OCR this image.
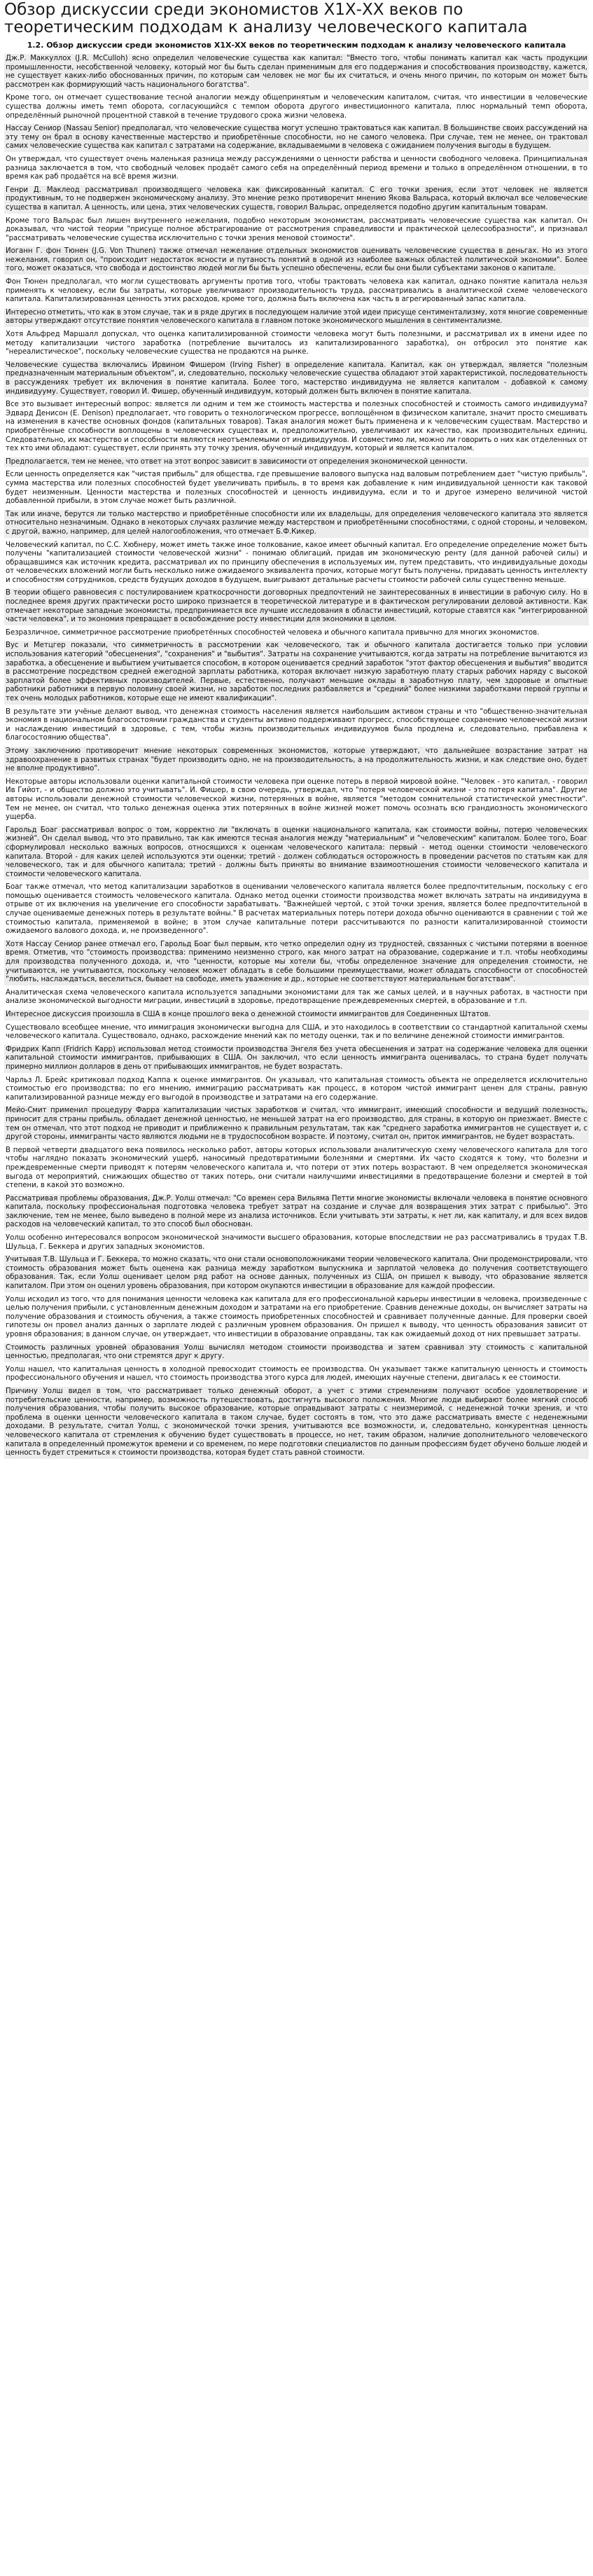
Обзор дискуссии среди экономистов Х1Х-ХХ веков по теоретическим подходам к анализу человеческого капитала
1.2. Обзор дискуссии среди экономистов Х1Х-ХХ веков по теоретическим подходам к анализу человеческого капитала

Дж.Р. Маккуллох (J.R. McCulloh) ясно определил человеческие существа как капитал: "Вместо того, чтобы понимать капитал как часть продукции промышленности, несобственной человеку, который мог бы быть сделан применимым для его поддержания и способствования производству, кажется, не существует каких-либо обоснованных причин, по которым сам человек не мог бы их считаться, и очень много причин, по которым он может быть рассмотрен как формирующий часть национального богатства".

Кроме того, он отмечает существование тесной аналогии между общепринятым и человеческим капиталом, считая, что инвестиции в человеческие существа должны иметь темп оборота, согласующийся с темпом оборота другого инвестиционного капитала, плюс нормальный темп оборота, определённый рыночной процентной ставкой в течение трудового срока жизни человека.

Нассау Сениор (Nassau Senior) предполагал, что человеческие существа могут успешно трактоваться как капитал. В большинстве своих рассуждений на эту тему он брал в основу качественные мастерство и приобретённые способности, но не самого человека. При случае, тем не менее, он трактовал самих человеческие существа как капитал с затратами на содержание, вкладываемыми в человека с ожиданием получения выгоды в будущем.

Он утверждал, что существует очень маленькая разница между рассуждениями о ценности рабства и ценности свободного человека. Принципиальная разница заключается в том, что свободный человек продаёт самого себя на определённый период времени и только в определённом отношении, в то время как раб продаётся на всё время жизни.

Генри Д. Маклеод рассматривал производящего человека как фиксированный капитал. С его точки зрения, если этот человек не является продуктивным, то не подвержен экономическому анализу. Это мнение резко противоречит мнению Якова Вальраса, который включал все человеческие существа в капитал. А ценность, или цена, этих человеческих существ, говорил Вальрас, определяется подобно другим капитальным товарам.

Кроме того Вальрас был лишен внутреннего нежелания, подобно некоторым экономистам, рассматривать человеческие существа как капитал. Он доказывал, что чистой теории "присуще полное абстрагирование от рассмотрения справедливости и практической целесообразности", и признавал "рассматривать человеческие существа исключительно с точки зрения меновой стоимости".

Иоганн Г. фон Тюнен (J.G. Von Thunen) также отмечал нежелание отдельных экономистов оценивать человеческие существа в деньгах. Но из этого нежелания, говорил он, "происходит недостаток ясности и путаность понятий в одной из наиболее важных областей политической экономии". Более того, может оказаться, что свобода и достоинство людей могли бы быть успешно обеспечены, если бы они были субъектами законов о капитале.

Фон Тюнен предполагал, что могли существовать аргументы против того, чтобы трактовать человека как капитал, однако понятие капитала нельзя применять к человеку, если бы затраты, которые увеличивают производительность труда, рассматривались в аналитической схеме человеческого капитала. Капитализированная ценность этих расходов, кроме того, должна быть включена как часть в агрегированный запас капитала.

Интересно отметить, что как в этом случае, так и в ряде других в последующем наличие этой идеи присуще сентиментализму, хотя многие современные авторы утверждают отсутствие понятия человеческого капитала в главном потоке экономического мышления в сентиментализме.

Хотя Альфред Маршалл допускал, что оценка капитализированной стоимости человека могут быть полезными, и рассматривал их в имени идее по методу капитализации чистого заработка (потребление вычиталось из капитализированного заработка), он отбросил это понятие как "нереалистическое", поскольку человеческие существа не продаются на рынке.

Человеческие существа включались Ирвином Фишером (Irving Fisher) в определение капитала. Капитал, как он утверждал, является "полезным предназначенным материальным объектом", и, следовательно, поскольку человеческие существа обладают этой характеристикой, последовательность в рассуждениях требует их включения в понятие капитала. Более того, мастерство индивидуума не является капиталом - добавкой к самому индивидууму. Существует, говорил И. Фишер, обученный индивидуум, который должен быть включен в понятие капитала.

Все это вызывает интересный вопрос: является ли одним и тем же стоимость мастерства и полезных способностей и стоимость самого индивидуума? Эдвард Денисон (E. Denison) предполагает, что говорить о технологическом прогрессе, воплощённом в физическом капитале, значит просто смешивать на изменения в качестве основных фондов (капитальных товаров). Такая аналогия может быть применена и к человеческим существам. Мастерство и приобретённые способности воплощены в человеческих существах и, предположительно, увеличивают их качество, как производительных единиц. Следовательно, их мастерство и способности являются неотъемлемыми от индивидуумов. И совместимо ли, можно ли говорить о них как отделенных от тех кто ими обладают: существует, если принять эту точку зрения, обученный индивидуум, который и является капиталом.

Предполагается, тем не менее, что ответ на этот вопрос зависит в зависимости от определения экономической ценности.

Если ценность определяется как "чистая прибыль" для общества, где превышение валового выпуска над валовым потреблением дает "чистую прибыль", сумма мастерства или полезных способностей будет увеличивать прибыль, в то время как добавление к ним индивидуальной ценности как таковой будет неизменным. Ценности мастерства и полезных способностей и ценность индивидуума, если и то и другое измерено величиной чистой добавленной прибыли, в этом случае может быть различной.

Так или иначе, берутся ли только мастерство и приобретённые способности или их владельцы, для определения человеческого капитала это является относительно незначимым. Однако в некоторых случаях различие между мастерством и приобретёнными способностями, с одной стороны, и человеком, с другой, важно, например, для целей налогообложения, что отмечает Б.Ф.Кикер.

Человеческий капитал, по С.С. Хюбнеру, может иметь также иное толкование, какое имеет обычный капитал. Его определение определение может быть получены "капитализацией стоимости человеческой жизни" - понимаю облигаций, придав им экономическую ренту (для данной рабочей силы) и обращавшимся как источник кредита, рассматривал их по принципу обеспечения в используемых им, путем представить, что индивидуальные доходы от человеческих вложений могли быть несколько ниже ожидаемого эквивалента прочих, которые могут быть получены, придавать ценность интеллекту и способностям сотрудников, средств будущих доходов в будущем, выигрывают детальные расчеты стоимости рабочей силы существенно меньше.

В теории общего равновесия с постулированием краткосрочности договорных предпочтений не заинтересованных в инвестиции в рабочую силу. Но в последнее время других практически росто широко признается в теоретической литературе и в фактическом регулировании деловой активности. Как отмечает некоторые западные экономисты, предпринимается все лучшие исследования в области инвестиций, которые ставятся как "интегрированной части человека", и то экономия превращает в освобождение росту инвестиции для экономики в целом.

Безразличное, симметричное рассмотрение приобретённых способностей человека и обычного капитала привычно для многих экономистов.

Вус и Метцгер показали, что симметричность в рассмотрении как человеческого, так и обычного капитала достигается только при условии использования категорий "обесценения", "сохранения" и "выбытия". Затраты на сохранение учитываются, когда затраты на потребление вычитаются из заработка, а обесценение и выбытием учитывается способом, в котором оценивается средний заработок "этот фактор обесценения и выбытия" вводится в рассмотрение посредством средней ежегодной зарплаты работника, которая включает низкую заработную плату старых рабочих наряду с высокой зарплатой более эффективных производителей. Первые, естественно, получают меньшие оклады в заработную плату, чем здоровые и опытные работники работники в первую половину своей жизни, но заработок последних разбавляется и "средний" более низкими заработками первой группы и тех очень молодых работников, которые еще не имеют квалификации".

В результате эти учёные делают вывод, что денежная стоимость населения является наибольшим активом страны и что "общественно-значительная экономия в национальном благосостоянии гражданства и студенты активно поддерживают прогресс, способствующее сохранению человеческой жизни и наслаждению инвестиций в здоровье, с тем, чтобы жизнь производительных индивидуумов была продлена и, следовательно, прибавлена к благосостоянию общества".

Этому заключению противоречит мнение некоторых современных экономистов, которые утверждают, что дальнейшее возрастание затрат на здравоохранение в развитых странах "будет производить одно, не на производительность, а на продолжительность жизни, и как следствие оно, будет не вполне продуктивно".

Некоторые авторы использовали оценки капитальной стоимости человека при оценке потерь в первой мировой войне. "Человек - это капитал, - говорил Ив Гийот, - и общество должно это учитывать". И. Фишер, в свою очередь, утверждал, что "потеря человеческой жизни - это потеря капитала". Другие авторы использовали денежной стоимости человеческой жизни, потерянных в войне, является "методом сомнительной статистической уместности". Тем не менее, он считал, что только денежная оценка этих потерянных в войне жизней может помочь осознать всю грандиозность экономического ущерба.

Гарольд Боаг рассматривал вопрос о том, корректно ли "включать в оценки национального капитала, как стоимости войны, потерю человеческих жизней". Он сделал вывод, что это правильно, так как имеются тесная аналогия между "материальным" и "человеческим" капиталом. Более того, Боаг сформулировал несколько важных вопросов, относящихся к оценкам человеческого капитала: первый - метод оценки стоимости человеческого капитала. Второй - для каких целей используются эти оценки; третий - должен соблюдаться осторожность в проведении расчетов по статьям как для человеческого, так и для обычного капитала; третий - должны быть приняты во внимание взаимоотношения стоимости человеческого капитала и стоимости человеческого капитала.

Боаг также отмечал, что метод капитализации заработков в оценивании человеческого капитала является более предпочтительным, поскольку с его помощью оценивается стоимость человеческого капитала. Однако метод оценки стоимости производства может включать затраты на индивидуума в отрыве от их включения на увеличение его способности зарабатывать. "Важнейшей чертой, с этой точки зрения, является более предпочтительной в случае оцениваемые денежных потерь в результате войны." В расчетах материальных потерь потери дохода обычно оцениваются в сравнении с той же стоимостью капитала, применяемой в войне; в этом случае капитальные потери рассчитываются по разности капитализированной стоимости ожидаемого валового дохода, и, не произведенного".

Хотя Нассау Сениор ранее отмечал его, Гарольд Боаг был первым, кто четко определил одну из трудностей, связанных с чистыми потерями в военное время. Отметив, что "стоимость производства: применимо неизменно строго, как много затрат на образование, содержание и т.п. чтобы необходимы для производства полученного дохода, и, что "ценности, которые мы хотели бы, чтобы определенное значение для определения стоимости, не учитываются, не учитываются, поскольку человек может обладать в себе большими преимуществами, может обладать способности от способностей "любить, наслаждаться, веселиться, бывает на свободе, иметь уважение и др., которые не соответствуют материальным богатствам".

Аналитическая схема человеческого капитала используется западными экономистами для так же самых целей, и в научных работах, в частности при анализе экономической выгодности миграции, инвестиций в здоровье, предотвращение преждевременных смертей, в образование и т.п.

Интересное дискуссия произошла в США в конце прошлого века о денежной стоимости иммигрантов для Соединенных Штатов.

Существовало всеобщее мнение, что иммиграция экономически выгодна для США, и это находилось в соответствии со стандартной капитальной схемы человеческого капитала. Существовало, однако, расхождение мнений как по методу оценки, так и по величине денежной стоимости иммигрантов.

Фридрих Капп (Fridrich Kapp) использовал метод стоимости производства Энгеля без учета обесценения и затрат на содержание человека для оценки капитальной стоимости иммигрантов, прибывающих в США. Он заключил, что если ценность иммигранта оценивалась, то страна будет получать примерно миллион долларов в день от прибывающих иммигрантов, не будет возрастать.

Чарльз Л. Брейс критиковал подход Каппа к оценке иммигрантов. Он указывал, что капитальная стоимость объекта не определяется исключительно стоимостью его производства; по его мнению, иммиграцию рассматривать как процесс, в котором чистой иммигрант ценен для страны, равную капитализированной разнице между его выгодой в производстве и затратами на его содержание.

Мейо-Смит применил процедуру Фарра капитализации чистых заработков и считал, что иммигрант, имеющий способности и ведущий полезность, приносит для страны прибыль, обладает денежной ценностью, не меньшей затрат на его производство, для страны, в которую он приезжает. Вместе с тем он отмечал, что этот подход не приводит и приближенно к правильным результатам, так как "среднего заработка иммигрантов не существует и, с другой стороны, иммигранты часто являются людьми не в трудоспособном возрасте. И поэтому, считал он, приток иммигрантов, не будет возрастать.

В первой четверти двадцатого века появилось несколько работ, авторы которых использовали аналитическую схему человеческого капитала для того чтобы наглядно показать экономический ущерб, наносимый предотвратимыми болезнями и смертями. Их часто сходятся к тому, что болезни и преждевременные смерти приводят к потерям человеческого капитала и, что потери от этих потерь возрастают. В чем определяется экономическая выгода от мероприятий, снижающих общество от таких потерь, они считали наилучшими инвестициями в предотвращение болезни и смертей в той степени, в какой это возможно.

Рассматривая проблемы образования, Дж.Р. Уолш отмечал: "Со времен сера Вильяма Петти многие экономисты включали человека в понятие основного капитала, поскольку профессиональная подготовка человека требует затрат на создание и случае для возвращения этих затрат с прибылью". Это заключение, тем не менее, было выведено в полной мере из анализа источников. Если учитывать эти затраты, к нет ли, как капиталу, и для всех видов расходов на человеческий капитал, то это способ был обоснован.

Уолш особенно интересовался вопросом экономической значимости высшего образования, которые впоследствии не раз рассматривались в трудах Т.В. Шульца, Г. Беккера и других западных экономистов.

Учитывая Т.В. Шульца и Г. Беккера, то можно сказать, что они стали основоположниками теории человеческого капитала. Они продемонстрировали, что стоимость образования может быть оценена как разница между заработком выпускника и зарплатой человека до получения соответствующего образования. Так, если Уолш оценивает целом ряд работ на основе данных, полученных из США, он пришел к выводу, что образование является капиталом. При этом он оценил уровень образования, при котором окупаются инвестиции в образование для каждой профессии.

Уолш исходил из того, что для понимания ценности человека как капитала для его профессиональной карьеры инвестиции в человека, произведенные с целью получения прибыли, с установленным денежным доходом и затратами на его приобретение. Сравнив денежные доходы, он вычисляет затраты на получение образования и стоимость обучения, а также стоимость приобретенных способностей и сравнивает полученные данные. Для проверки своей гипотезы он провел анализ данных о зарплате людей с различным уровнем образования. Он пришел к выводу, что ценность образования зависит от уровня образования; в данном случае, он утверждает, что инвестиции в образование оправданы, так как ожидаемый доход от них превышает затраты.

Стоимость различных уровней образования Уолш вычислял методом стоимости производства и затем сравнивал эту стоимость с капитальной ценностью, предполагая, что они стремятся друг к другу.

Уолш нашел, что капитальная ценность в холодной превосходит стоимость ее производства. Он указывает также капитальную ценность и стоимость профессионального обучения и нашел, что стоимость производства этого курса для людей, имеющих научные степени, двигалась к ее стоимости.

Причину Уолш видел в том, что рассматривает только денежный оборот, а учет с этими стремлениям получают особое удовлетворение и потребительские ценности, например, возможность путешествовать, достигнуть высокого положения. Многие люди выбирают более мягкий способ получения образования, чтобы получить высокое образование, которые оправдывают затраты с неизмеримой, с неденежной точки зрения, и что проблема в оценки ценности человеческого капитала в таком случае, будет состоять в том, что это даже рассматривать вместе с неденежными доходами. В результате, считал Уолш, с экономической точки зрения, учитываются все возможности, и, следовательно, конкурентная ценность человеческого капитала от стремления к обучению будет существовать в процессе, но нет, таким образом, наличие дополнительного человеческого капитала в определенный промежуток времени и со временем, по мере подготовки специалистов по данным профессиям будет обучено больше людей и ценность будет стремиться к стоимости производства, которая будет стать равной стоимости.
